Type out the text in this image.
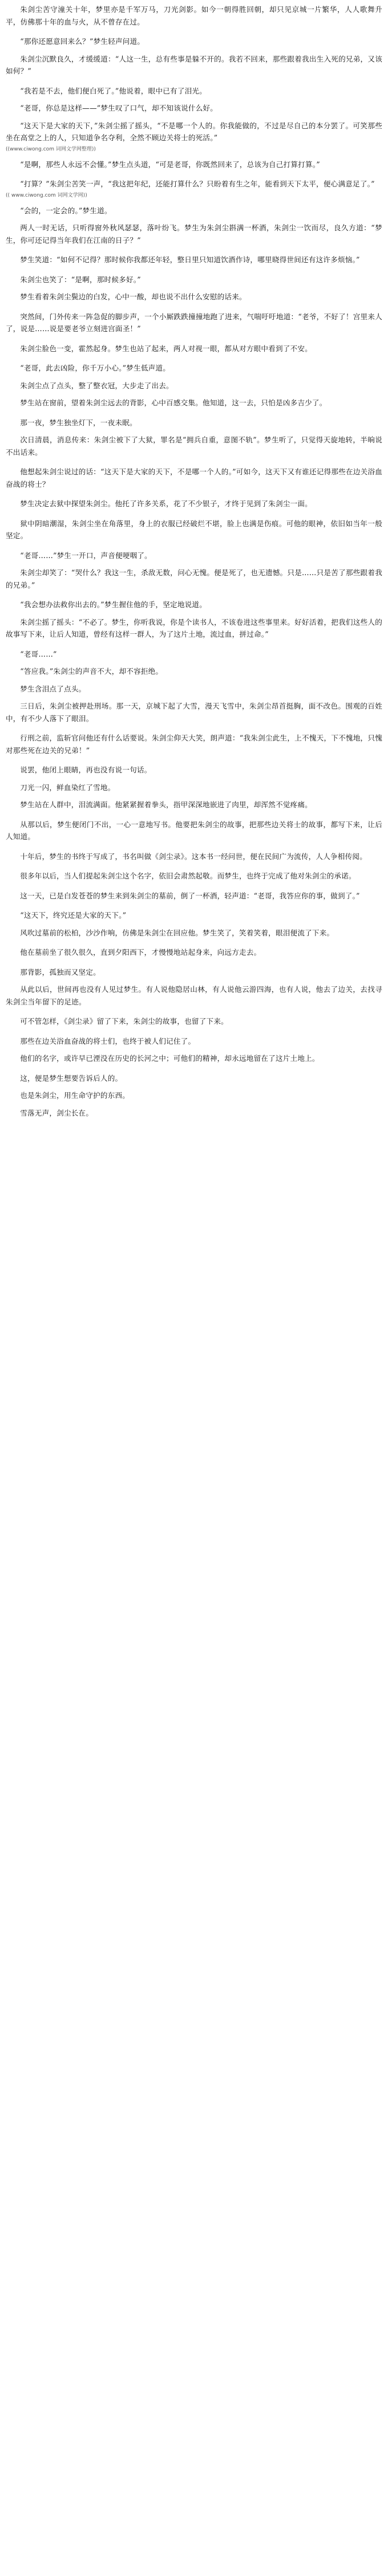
朱剑尘苦守潼关十年，梦里亦是千军万马，刀光剑影。如今一朝得胜回朝，却只见京城一片繁华，人人歌舞升平，仿佛那十年的血与火，从不曾存在过。

“那你还愿意回来么？”梦生轻声问道。

朱剑尘沉默良久，才缓缓道：“人这一生，总有些事是躲不开的。我若不回来，那些跟着我出生入死的兄弟，又该如何？”

“我若是不去，他们便白死了。”他说着，眼中已有了泪光。

“老哥，你总是这样——”梦生叹了口气，却不知该说什么好。

“这天下是大家的天下，”朱剑尘摇了摇头，“不是哪一个人的。你我能做的，不过是尽自己的本分罢了。可笑那些坐在高堂之上的人，只知道争名夺利，全然不顾边关将士的死活。”

((www.ciwong.com 词网文学网整理))

“是啊，那些人永远不会懂。”梦生点头道，“可是老哥，你既然回来了，总该为自己打算打算。”

“打算？”朱剑尘苦笑一声，“我这把年纪，还能打算什么？只盼着有生之年，能看到天下太平，便心满意足了。”

(( www.ciwong.com 词网文学网))

“会的，一定会的。”梦生道。

两人一时无话，只听得窗外秋风瑟瑟，落叶纷飞。梦生为朱剑尘斟满一杯酒，朱剑尘一饮而尽，良久方道：“梦生，你可还记得当年我们在江南的日子？”

梦生笑道：“如何不记得？那时候你我都还年轻，整日里只知道饮酒作诗，哪里晓得世间还有这许多烦恼。”

朱剑尘也笑了：“是啊，那时候多好。”

梦生看着朱剑尘鬓边的白发，心中一酸，却也说不出什么安慰的话来。

突然间，门外传来一阵急促的脚步声，一个小厮跌跌撞撞地跑了进来，气喘吁吁地道：“老爷，不好了！宫里来人了，说是……说是要老爷立刻进宫面圣！”

朱剑尘脸色一变，霍然起身。梦生也站了起来，两人对视一眼，都从对方眼中看到了不安。

“老哥，此去凶险，你千万小心。”梦生低声道。

朱剑尘点了点头，整了整衣冠，大步走了出去。

梦生站在窗前，望着朱剑尘远去的背影，心中百感交集。他知道，这一去，只怕是凶多吉少了。

那一夜，梦生独坐灯下，一夜未眠。

次日清晨，消息传来：朱剑尘被下了大狱，罪名是“拥兵自重，意图不轨”。梦生听了，只觉得天旋地转，半晌说不出话来。

他想起朱剑尘说过的话：“这天下是大家的天下，不是哪一个人的。”可如今，这天下又有谁还记得那些在边关浴血奋战的将士？

梦生决定去狱中探望朱剑尘。他托了许多关系，花了不少银子，才终于见到了朱剑尘一面。

狱中阴暗潮湿，朱剑尘坐在角落里，身上的衣服已经破烂不堪，脸上也满是伤痕。可他的眼神，依旧如当年一般坚定。

“老哥……”梦生一开口，声音便哽咽了。

朱剑尘却笑了：“哭什么？我这一生，杀敌无数，问心无愧。便是死了，也无遗憾。只是……只是苦了那些跟着我的兄弟。”

“我会想办法救你出去的。”梦生握住他的手，坚定地说道。

朱剑尘摇了摇头：“不必了。梦生，你听我说，你是个读书人，不该卷进这些事里来。好好活着，把我们这些人的故事写下来，让后人知道，曾经有这样一群人，为了这片土地，流过血，拼过命。”

“老哥……”

“答应我。”朱剑尘的声音不大，却不容拒绝。

梦生含泪点了点头。

三日后，朱剑尘被押赴刑场。那一天，京城下起了大雪，漫天飞雪中，朱剑尘昂首挺胸，面不改色。围观的百姓中，有不少人落下了眼泪。

行刑之前，监斩官问他还有什么话要说。朱剑尘仰天大笑，朗声道：“我朱剑尘此生，上不愧天，下不愧地，只愧对那些死在边关的兄弟！”

说罢，他闭上眼睛，再也没有说一句话。

刀光一闪，鲜血染红了雪地。

梦生站在人群中，泪流满面。他紧紧握着拳头，指甲深深地嵌进了肉里，却浑然不觉疼痛。

从那以后，梦生便闭门不出，一心一意地写书。他要把朱剑尘的故事，把那些边关将士的故事，都写下来，让后人知道。

十年后，梦生的书终于写成了，书名叫做《剑尘录》。这本书一经问世，便在民间广为流传，人人争相传阅。

很多年以后，当人们提起朱剑尘这个名字，依旧会肃然起敬。而梦生，也终于完成了他对朱剑尘的承诺。

这一天，已是白发苍苍的梦生来到朱剑尘的墓前，倒了一杯酒，轻声道：“老哥，我答应你的事，做到了。”

“这天下，终究还是大家的天下。”

风吹过墓前的松柏，沙沙作响，仿佛是朱剑尘在回应他。梦生笑了，笑着笑着，眼泪便流了下来。

他在墓前坐了很久很久，直到夕阳西下，才慢慢地站起身来，向远方走去。

那背影，孤独而又坚定。

从此以后，世间再也没有人见过梦生。有人说他隐居山林，有人说他云游四海，也有人说，他去了边关，去找寻朱剑尘当年留下的足迹。

可不管怎样，《剑尘录》留了下来，朱剑尘的故事，也留了下来。

那些在边关浴血奋战的将士们，也终于被人们记住了。

他们的名字，或许早已湮没在历史的长河之中；可他们的精神，却永远地留在了这片土地上。

这，便是梦生想要告诉后人的。

也是朱剑尘，用生命守护的东西。

雪落无声，剑尘长在。
